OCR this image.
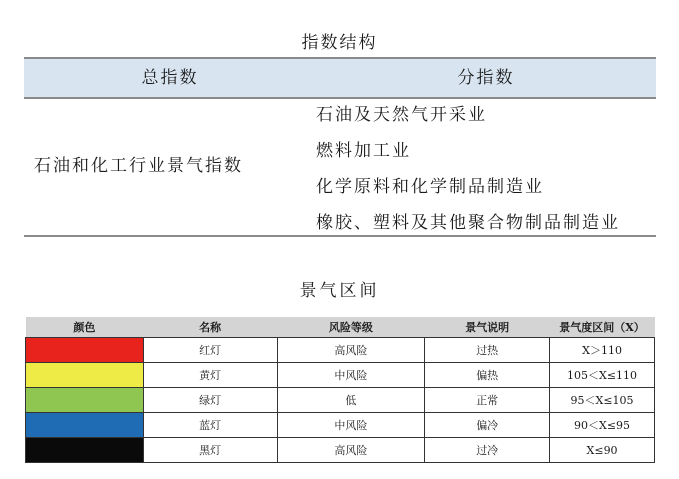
指数结构
总指数	分指数
石油和化工行业景气指数
石油及天然气开采业
燃料加工业
化学原料和化学制品制造业
橡胶、塑料及其他聚合物制品制造业
景气区间
颜色	名称	风险等级	景气说明	景气度区间（X）
	红灯	高风险	过热	X＞110
	黄灯	中风险	偏热	105＜X≤110
	绿灯	低	正常	95＜X≤105
	蓝灯	中风险	偏冷	90＜X≤95
	黑灯	高风险	过冷	X≤90
